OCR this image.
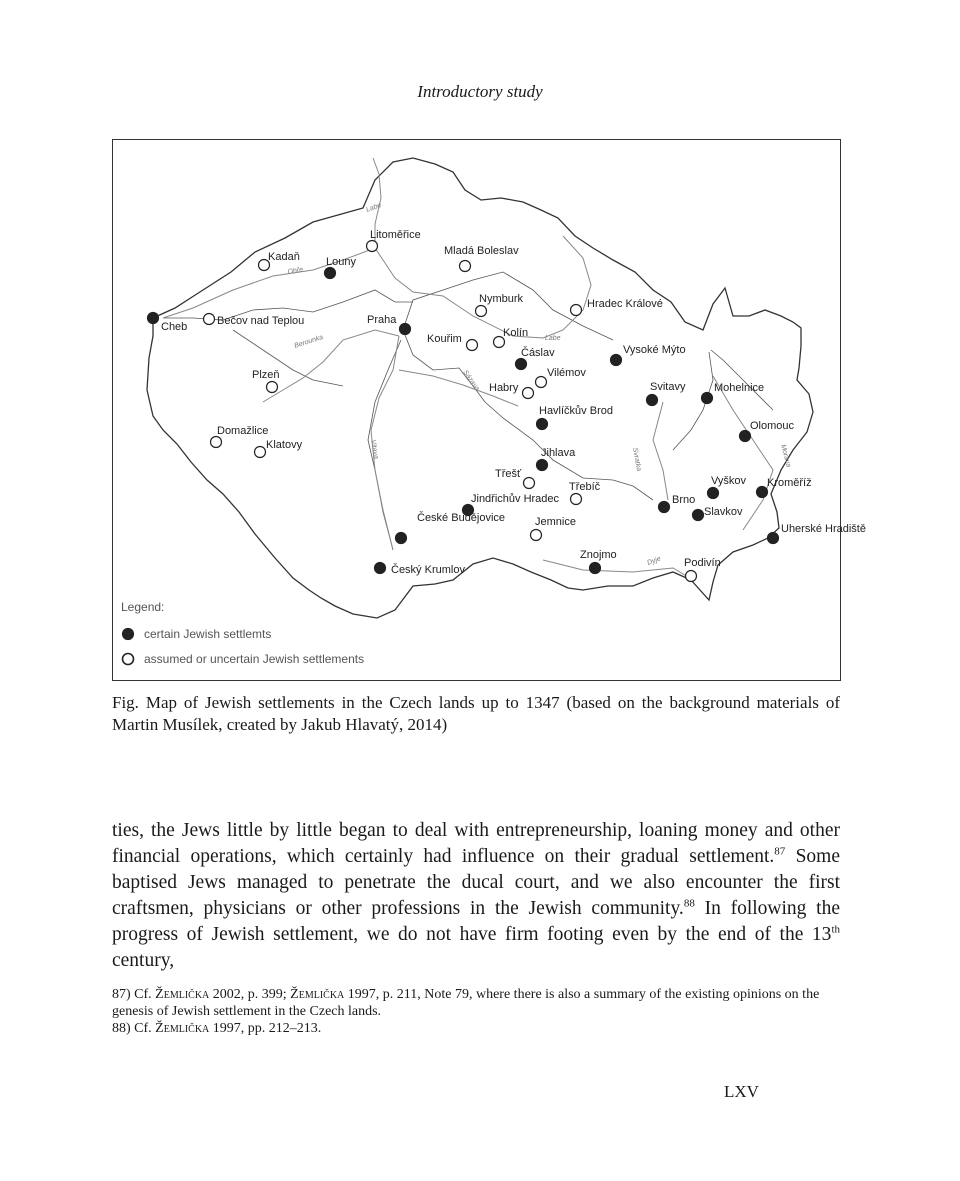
Introductory study
Labe
Ohře
Berounka
Vltava
Sázava
Svratka	Morava
Dyje
Labe
Cheb	Bečov nad Teplou
Kadaň Louny
Litoměřice
Mladá Boleslav
Nymburk	Hradec Králové
Praha
Kouřim	Kolín
Čáslav	Vysoké Mýto
Vilémov
Habry
Plzeň
Svitavy	Mohelnice
Havlíčkův Brod
Olomouc
Domažlice
Klatovy
Jihlava
Třešť
Třebíč
Jindřichův Hradec
Vyškov Kroměříž
Brno
Slavkov
České Budějovice	Jemnice
Uherské Hradiště
Znojmo
Podivín
Český Krumlov
Legend:
certain Jewish settlemts
assumed or uncertain Jewish settlements
Fig. Map of Jewish settlements in the Czech lands up to 1347 (based on the background materials of Martin Musílek, created by Jakub Hlavatý, 2014)

ties, the Jews little by little began to deal with entrepreneurship, loaning money and other financial operations, which certainly had influence on their gradual settlement.$^{87}$ Some baptised Jews managed to penetrate the ducal court, and we also encounter the first craftsmen, physicians or other professions in the Jewish community.$^{88}$ In following the progress of Jewish settlement, we do not have firm footing even by the end of the 13th century,

87) Cf. Žemlička 2002, p. 399; Žemlička 1997, p. 211, Note 79, where there is also a summary of the existing opinions on the genesis of Jewish settlement in the Czech lands.

88) Cf. Žemlička 1997, pp. 212–213.

LXV
